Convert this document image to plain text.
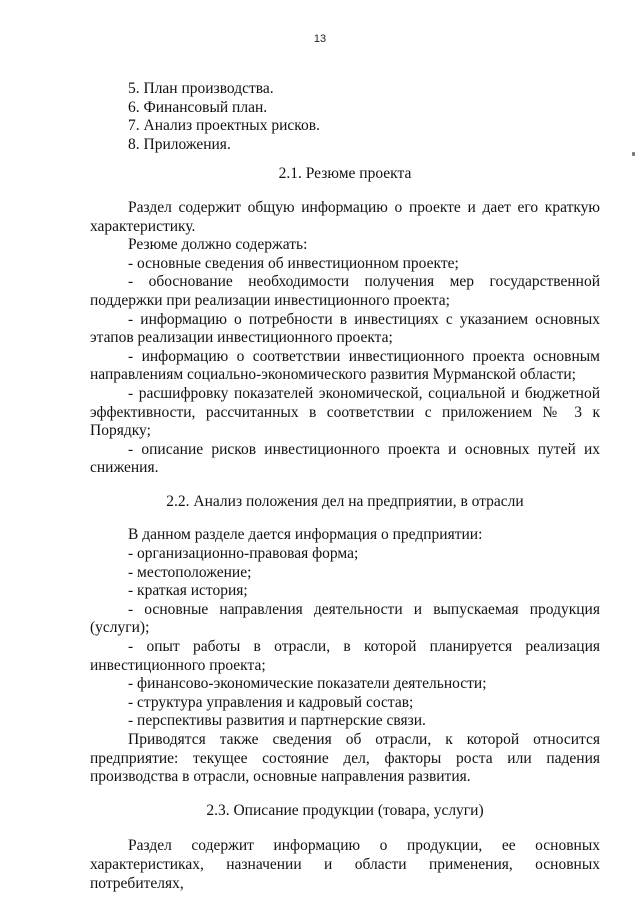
13
5. План производства.
6. Финансовый план.
7. Анализ проектных рисков.
8. Приложения.

2.1. Резюме проекта

Раздел содержит общую информацию о проекте и дает его краткую характеристику.

Резюме должно содержать:

- основные сведения об инвестиционном проекте;

- обоснование необходимости получения мер государственной поддержки при реализации инвестиционного проекта;

- информацию о потребности в инвестициях с указанием основных этапов реализации инвестиционного проекта;

- информацию о соответствии инвестиционного проекта основным направлениям социально-экономического развития Мурманской области;

- расшифровку показателей экономической, социальной и бюджетной эффективности, рассчитанных в соответствии с приложением № 3 к Порядку;

- описание рисков инвестиционного проекта и основных путей их снижения.

2.2. Анализ положения дел на предприятии, в отрасли

В данном разделе дается информация о предприятии:

- организационно-правовая форма;

- местоположение;

- краткая история;

- основные направления деятельности и выпускаемая продукция (услуги);

- опыт работы в отрасли, в которой планируется реализация инвестиционного проекта;

- финансово-экономические показатели деятельности;

- структура управления и кадровый состав;

- перспективы развития и партнерские связи.

Приводятся также сведения об отрасли, к которой относится предприятие: текущее состояние дел, факторы роста или падения производства в отрасли, основные направления развития.

2.3. Описание продукции (товара, услуги)

Раздел содержит информацию о продукции, ее основных характеристиках, назначении и области применения, основных потребителях,
